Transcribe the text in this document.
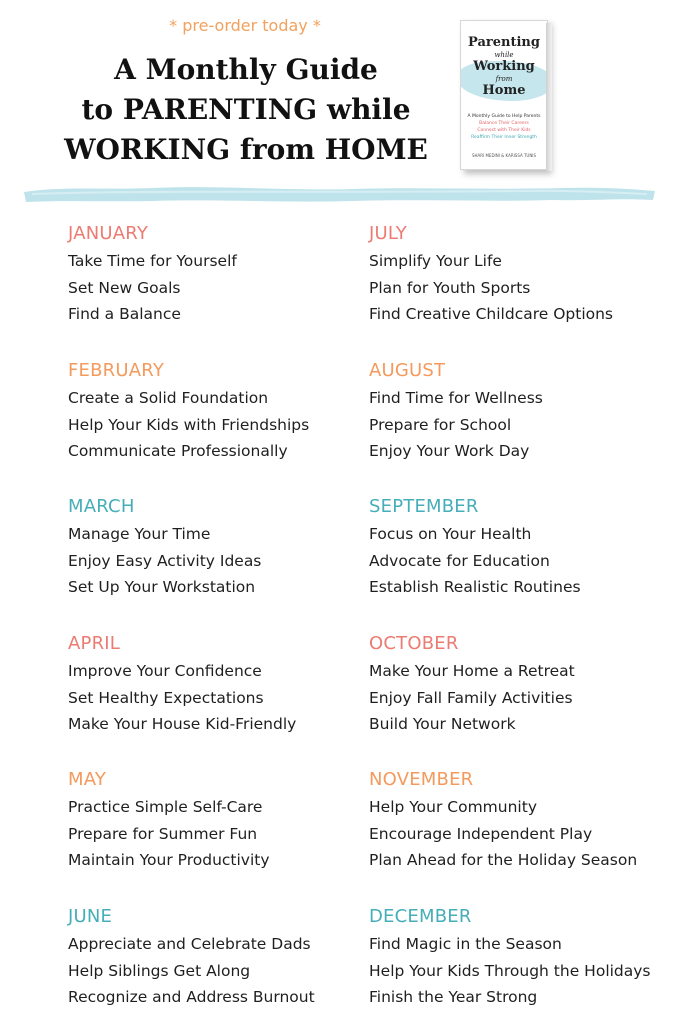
* pre-order today *
A Monthly Guide
to PARENTING while
WORKING from HOME
Parenting
while
Working
from
Home
A Monthly Guide to Help Parents
Balance Their Careers
Connect with Their Kids
Reaffirm Their Inner Strength
SHARI MEDINI & KARISSA TUNIS
JANUARY
Take Time for Yourself
Set New Goals
Find a Balance
FEBRUARY
Create a Solid Foundation
Help Your Kids with Friendships
Communicate Professionally
MARCH
Manage Your Time
Enjoy Easy Activity Ideas
Set Up Your Workstation
APRIL
Improve Your Confidence
Set Healthy Expectations
Make Your House Kid-Friendly
MAY
Practice Simple Self-Care
Prepare for Summer Fun
Maintain Your Productivity
JUNE
Appreciate and Celebrate Dads
Help Siblings Get Along
Recognize and Address Burnout
JULY
Simplify Your Life
Plan for Youth Sports
Find Creative Childcare Options
AUGUST
Find Time for Wellness
Prepare for School
Enjoy Your Work Day
SEPTEMBER
Focus on Your Health
Advocate for Education
Establish Realistic Routines
OCTOBER
Make Your Home a Retreat
Enjoy Fall Family Activities
Build Your Network
NOVEMBER
Help Your Community
Encourage Independent Play
Plan Ahead for the Holiday Season
DECEMBER
Find Magic in the Season
Help Your Kids Through the Holidays
Finish the Year Strong
